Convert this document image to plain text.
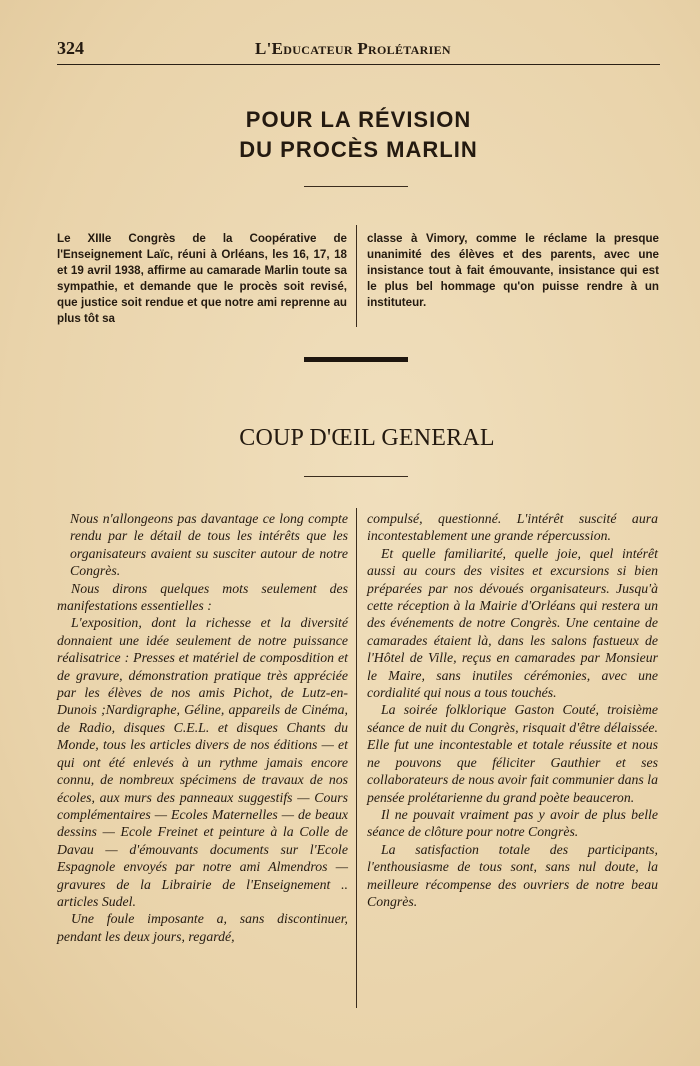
324	L'Educateur Prolétarien
POUR LA RÉVISION
DU PROCÈS MARLIN
Le XIIIe Congrès de la Coopérative de l'Enseignement Laïc, réuni à Orléans, les 16, 17, 18 et 19 avril 1938, affirme au camarade Marlin toute sa sympathie, et demande que le procès soit revisé, que justice soit rendue et que notre ami reprenne au plus tôt sa
classe à Vimory, comme le réclame la presque unanimité des élèves et des parents, avec une insistance tout à fait émouvante, insistance qui est le plus bel hommage qu'on puisse rendre à un instituteur.
COUP D'ŒIL GENERAL

Nous n'allongeons pas davantage ce long compte rendu par le détail de tous les intérêts que les organisateurs avaient su susciter autour de notre Congrès.

Nous dirons quelques mots seulement des manifestations essentielles :

L'exposition, dont la richesse et la diversité donnaient une idée seulement de notre puissance réalisatrice : Presses et matériel de composdition et de gravure, démonstration pratique très appréciée par les élèves de nos amis Pichot, de Lutz-en-Dunois ;Nardigraphe, Géline, appareils de Cinéma, de Radio, disques C.E.L. et disques Chants du Monde, tous les articles divers de nos éditions — et qui ont été enlevés à un rythme jamais encore connu, de nombreux spécimens de travaux de nos écoles, aux murs des panneaux suggestifs — Cours complémentaires — Ecoles Maternelles — de beaux dessins — Ecole Freinet et peinture à la Colle de Davau — d'émouvants documents sur l'Ecole Espagnole envoyés par notre ami Almendros — gravures de la Librairie de l'Enseignement .. articles Sudel.

Une foule imposante a, sans discontinuer, pendant les deux jours, regardé,

compulsé, questionné. L'intérêt suscité aura incontestablement une grande répercussion.

Et quelle familiarité, quelle joie, quel intérêt aussi au cours des visites et excursions si bien préparées par nos dévoués organisateurs. Jusqu'à cette réception à la Mairie d'Orléans qui restera un des événements de notre Congrès. Une centaine de camarades étaient là, dans les salons fastueux de l'Hôtel de Ville, reçus en camarades par Monsieur le Maire, sans inutiles cérémonies, avec une cordialité qui nous a tous touchés.

La soirée folklorique Gaston Couté, troisième séance de nuit du Congrès, risquait d'être délaissée. Elle fut une incontestable et totale réussite et nous ne pouvons que féliciter Gauthier et ses collaborateurs de nous avoir fait communier dans la pensée prolétarienne du grand poète beauceron.

Il ne pouvait vraiment pas y avoir de plus belle séance de clôture pour notre Congrès.

La satisfaction totale des participants, l'enthousiasme de tous sont, sans nul doute, la meilleure récompense des ouvriers de notre beau Congrès.
